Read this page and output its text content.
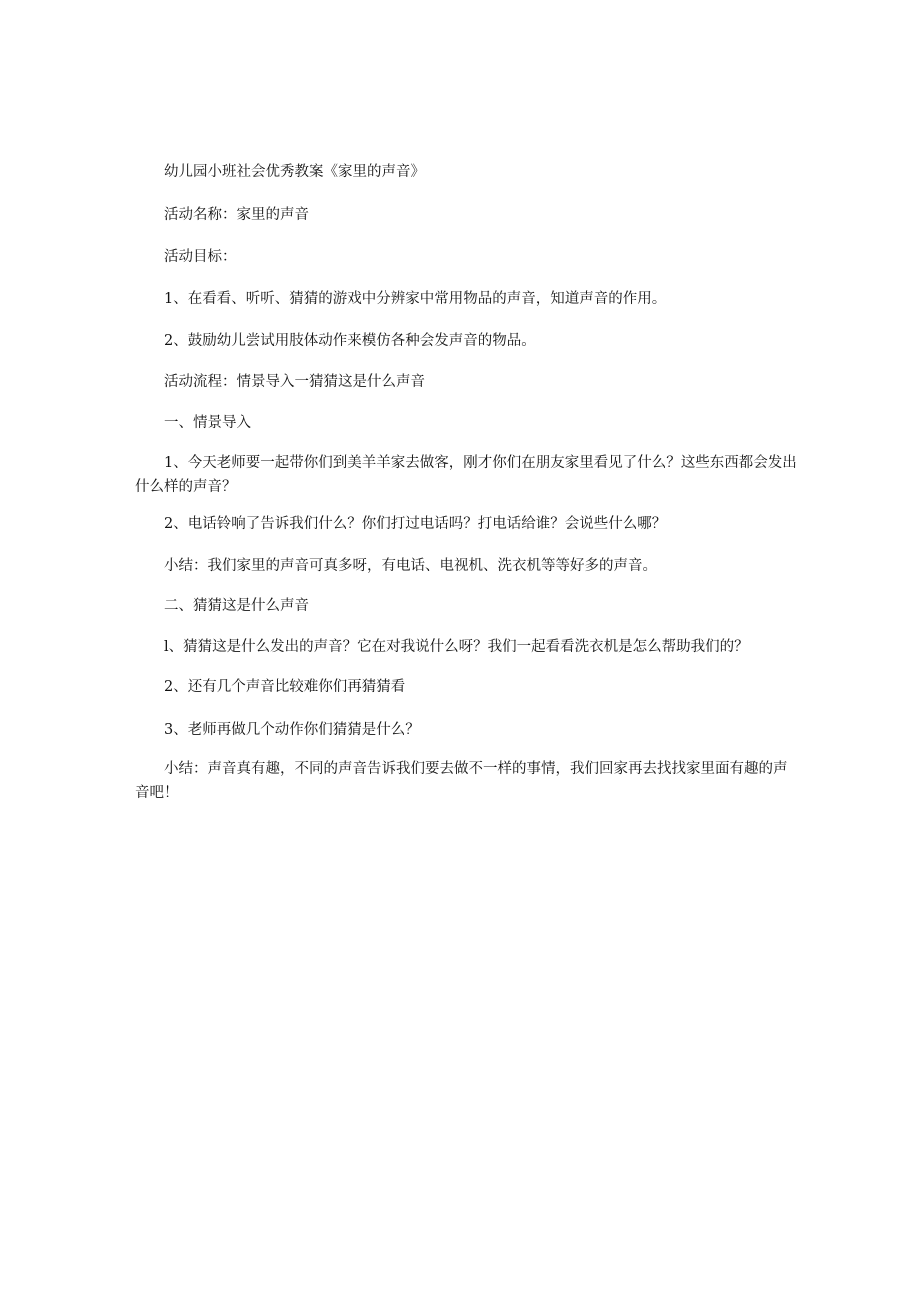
幼儿园小班社会优秀教案《家里的声音》
活动名称：家里的声音
活动目标：
1、在看看、听听、猜猜的游戏中分辨家中常用物品的声音，知道声音的作用。
2、鼓励幼儿尝试用肢体动作来模仿各种会发声音的物品。
活动流程：情景导入一猜猜这是什么声音
一、情景导入
1、今天老师要一起带你们到美羊羊家去做客，刚才你们在朋友家里看见了什么？这些东西都会发出什么样的声音？
2、电话铃响了告诉我们什么？你们打过电话吗？打电话给谁？会说些什么哪？
小结：我们家里的声音可真多呀，有电话、电视机、洗衣机等等好多的声音。
二、猜猜这是什么声音
l、猜猜这是什么发出的声音？它在对我说什么呀？我们一起看看洗衣机是怎么帮助我们的？
2、还有几个声音比较难你们再猜猜看
3、老师再做几个动作你们猜猜是什么？
小结：声音真有趣，不同的声音告诉我们要去做不一样的事情，我们回家再去找找家里面有趣的声音吧！
